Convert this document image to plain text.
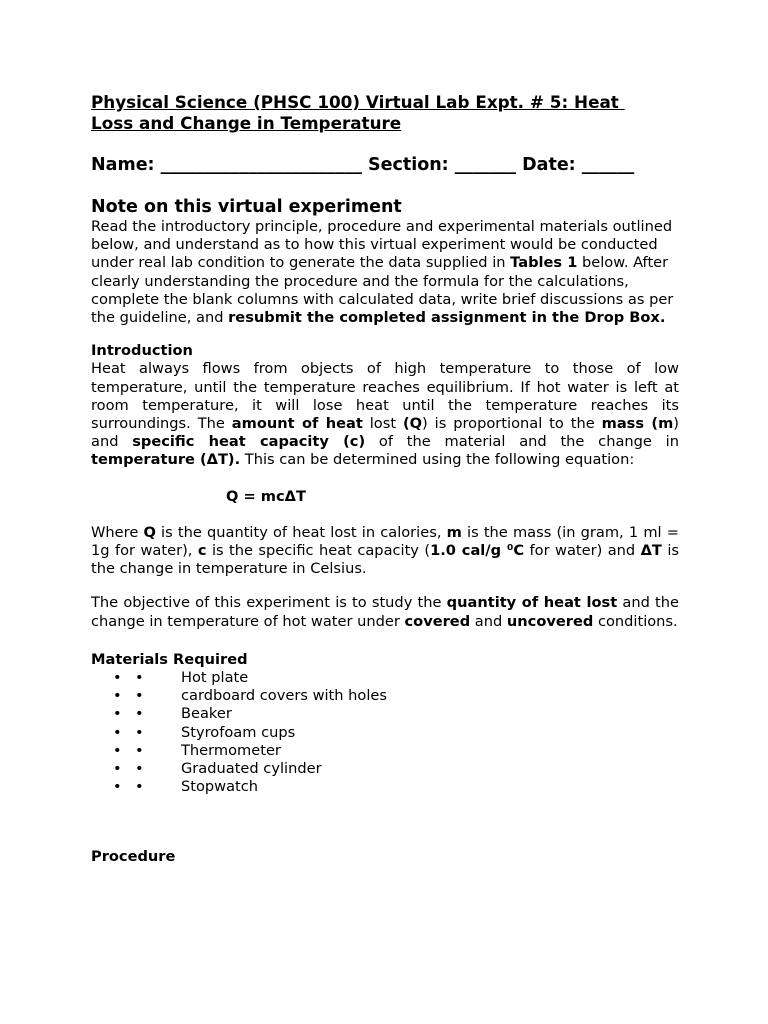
Physical Science (PHSC 100) Virtual Lab Expt. # 5: Heat
Loss and Change in Temperature
Name: _______________________ Section: _______ Date: ______
Note on this virtual experiment

Read the introductory principle, procedure and experimental materials outlined below, and understand as to how this virtual experiment would be conducted under real lab condition to generate the data supplied in Tables 1 below. After clearly understanding the procedure and the formula for the calculations, complete the blank columns with calculated data, write brief discussions as per the guideline, and resubmit the completed assignment in the Drop Box.

Introduction

Heat always flows from objects of high temperature to those of low temperature, until the temperature reaches equilibrium. If hot water is left at room temperature, it will lose heat until the temperature reaches its surroundings. The amount of heat lost (Q) is proportional to the mass (m) and specific heat capacity (c) of the material and the change in temperature (ΔT). This can be determined using the following equation:

Q = mcΔT

Where Q is the quantity of heat lost in calories, m is the mass (in gram, 1 ml = 1g for water), c is the specific heat capacity (1.0 cal/g ⁰C for water) and ΔT is the change in temperature in Celsius.

The objective of this experiment is to study the quantity of heat lost and the change in temperature of hot water under covered and uncovered conditions.

Materials Required
• •	Hot plate
• •	cardboard covers with holes
• •	Beaker
• •	Styrofoam cups
• •	Thermometer
• •	Graduated cylinder
• •	Stopwatch
Procedure
